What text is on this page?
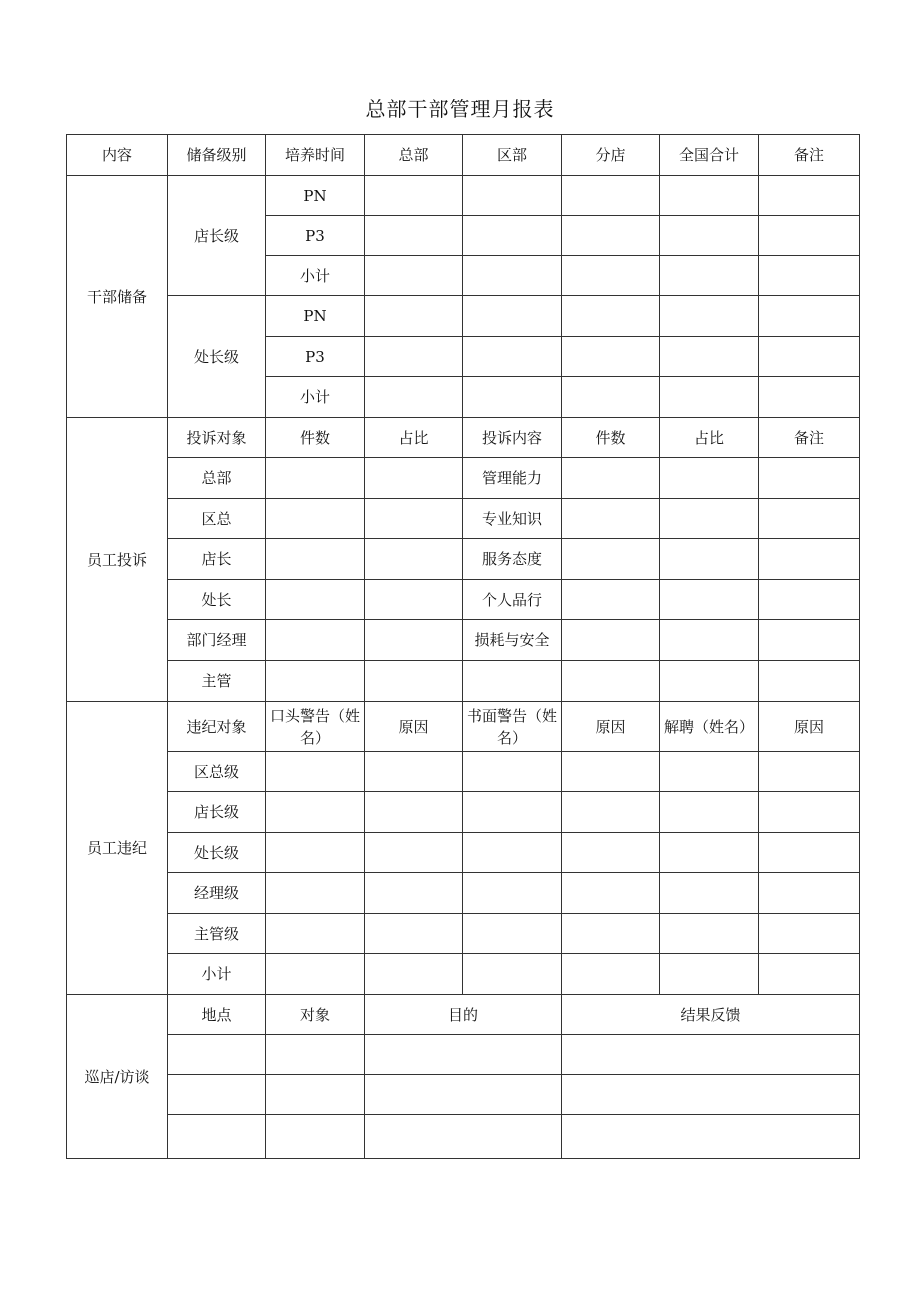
总部干部管理月报表
内容	储备级别	培养时间	总部	区部	分店	全国合计	备注
干部储备	店长级	PN					
		P3					
		小计					
	处长级	PN					
		P3					
		小计					
员工投诉	投诉对象	件数	占比	投诉内容	件数	占比	备注
	总部			管理能力			
	区总			专业知识			
	店长			服务态度			
	处长			个人品行			
	部门经理			损耗与安全			
	主管						
员工违纪	违纪对象	口头警告（姓名）	原因	书面警告（姓名）	原因	解聘（姓名）	原因
	区总级						
	店长级						
	处长级						
	经理级						
	主管级						
	小计						
巡店/访谈	地点	对象	目的		结果反馈		
